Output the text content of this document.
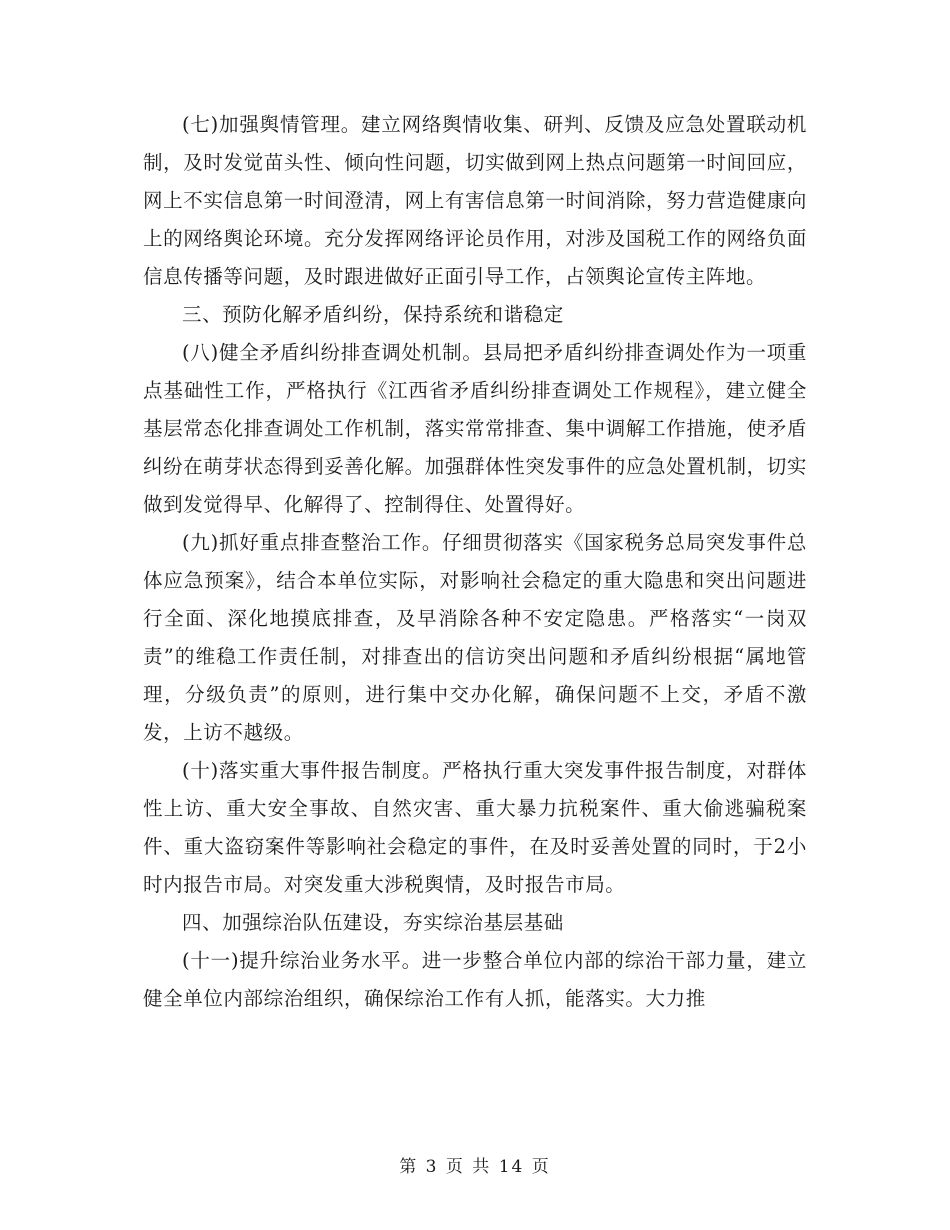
(七)加强舆情管理。建立网络舆情收集、研判、反馈及应急处置联动机制，及时发觉苗头性、倾向性问题，切实做到网上热点问题第一时间回应，网上不实信息第一时间澄清，网上有害信息第一时间消除，努力营造健康向上的网络舆论环境。充分发挥网络评论员作用，对涉及国税工作的网络负面信息传播等问题，及时跟进做好正面引导工作，占领舆论宣传主阵地。

三、预防化解矛盾纠纷，保持系统和谐稳定

(八)健全矛盾纠纷排查调处机制。县局把矛盾纠纷排查调处作为一项重点基础性工作，严格执行《江西省矛盾纠纷排查调处工作规程》，建立健全基层常态化排查调处工作机制，落实常常排查、集中调解工作措施，使矛盾纠纷在萌芽状态得到妥善化解。加强群体性突发事件的应急处置机制，切实做到发觉得早、化解得了、控制得住、处置得好。

(九)抓好重点排查整治工作。仔细贯彻落实《国家税务总局突发事件总体应急预案》，结合本单位实际，对影响社会稳定的重大隐患和突出问题进行全面、深化地摸底排查，及早消除各种不安定隐患。严格落实“一岗双责”的维稳工作责任制，对排查出的信访突出问题和矛盾纠纷根据“属地管理，分级负责”的原则，进行集中交办化解，确保问题不上交，矛盾不激发，上访不越级。

(十)落实重大事件报告制度。严格执行重大突发事件报告制度，对群体性上访、重大安全事故、自然灾害、重大暴力抗税案件、重大偷逃骗税案件、重大盗窃案件等影响社会稳定的事件，在及时妥善处置的同时，于2小时内报告市局。对突发重大涉税舆情，及时报告市局。

四、加强综治队伍建设，夯实综治基层基础

(十一)提升综治业务水平。进一步整合单位内部的综治干部力量，建立健全单位内部综治组织，确保综治工作有人抓，能落实。大力推

第 3 页 共 14 页
